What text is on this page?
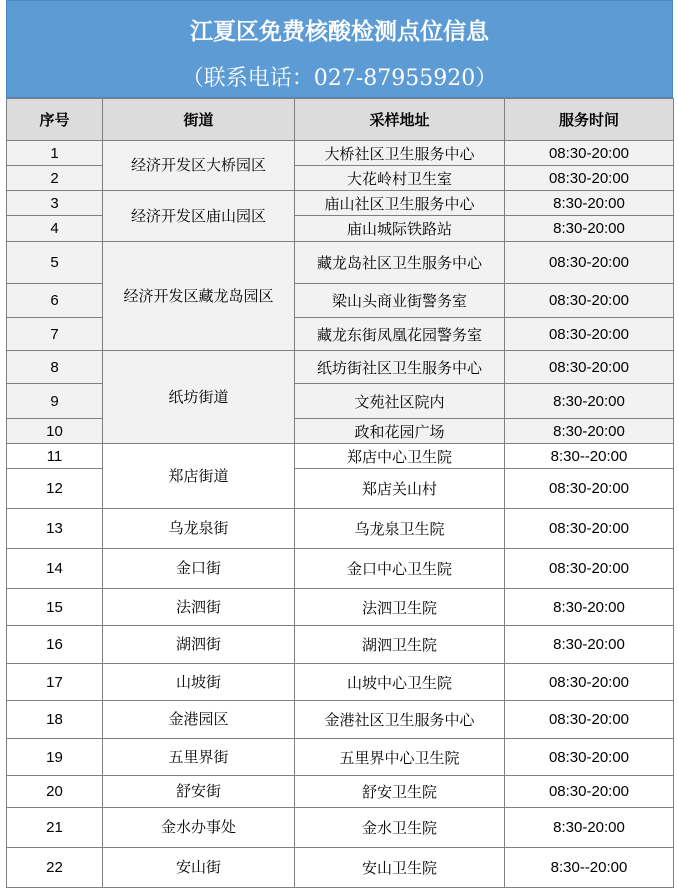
江夏区免费核酸检测点位信息
（联系电话：027-87955920）
序号	街道	采样地址	服务时间
1	经济开发区大桥园区	大桥社区卫生服务中心	08:30-20:00
2		大花岭村卫生室	08:30-20:00
3	经济开发区庙山园区	庙山社区卫生服务中心	8:30-20:00
4		庙山城际铁路站	8:30-20:00
5	经济开发区藏龙岛园区	藏龙岛社区卫生服务中心	08:30-20:00
6		梁山头商业街警务室	08:30-20:00
7		藏龙东街凤凰花园警务室	08:30-20:00
8	纸坊街道	纸坊街社区卫生服务中心	08:30-20:00
9		文苑社区院内	8:30-20:00
10		政和花园广场	8:30-20:00
11	郑店街道	郑店中心卫生院	8:30--20:00
12		郑店关山村	08:30-20:00
13	乌龙泉街	乌龙泉卫生院	08:30-20:00
14	金口街	金口中心卫生院	08:30-20:00
15	法泗街	法泗卫生院	8:30-20:00
16	湖泗街	湖泗卫生院	8:30-20:00
17	山坡街	山坡中心卫生院	08:30-20:00
18	金港园区	金港社区卫生服务中心	08:30-20:00
19	五里界街	五里界中心卫生院	08:30-20:00
20	舒安街	舒安卫生院	08:30-20:00
21	金水办事处	金水卫生院	8:30-20:00
22	安山街	安山卫生院	8:30--20:00
